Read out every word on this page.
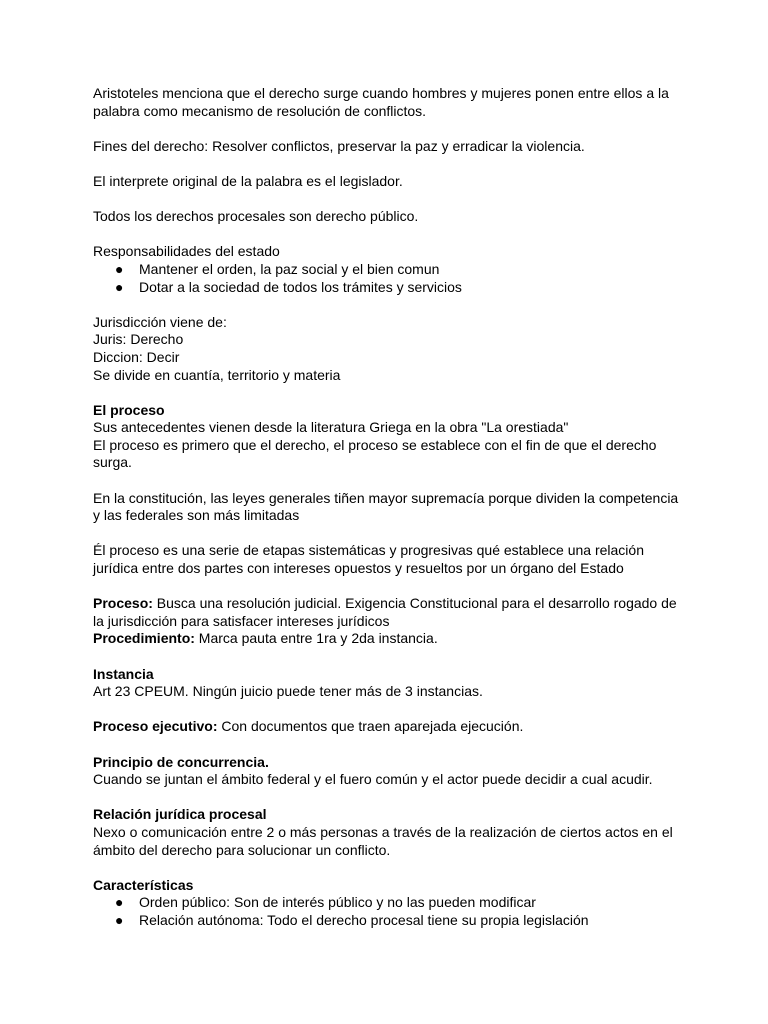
Aristoteles menciona que el derecho surge cuando hombres y mujeres ponen entre ellos a la palabra como mecanismo de resolución de conflictos.

Fines del derecho: Resolver conflictos, preservar la paz y erradicar la violencia.

El interprete original de la palabra es el legislador.

Todos los derechos procesales son derecho público.

Responsabilidades del estado

● Mantener el orden, la paz social y el bien comun
● Dotar a la sociedad de todos los trámites y servicios

Jurisdicción viene de:

Juris: Derecho

Diccion: Decir

Se divide en cuantía, territorio y materia

El proceso

Sus antecedentes vienen desde la literatura Griega en la obra "La orestiada"

El proceso es primero que el derecho, el proceso se establece con el fin de que el derecho surga.

En la constitución, las leyes generales tiñen mayor supremacía porque dividen la competencia y las federales son más limitadas

Él proceso es una serie de etapas sistemáticas y progresivas qué establece una relación jurídica entre dos partes con intereses opuestos y resueltos por un órgano del Estado

Proceso: Busca una resolución judicial. Exigencia Constitucional para el desarrollo rogado de la jurisdicción para satisfacer intereses jurídicos

Procedimiento: Marca pauta entre 1ra y 2da instancia.

Instancia

Art 23 CPEUM. Ningún juicio puede tener más de 3 instancias.

Proceso ejecutivo: Con documentos que traen aparejada ejecución.

Principio de concurrencia.

Cuando se juntan el ámbito federal y el fuero común y el actor puede decidir a cual acudir.

Relación jurídica procesal

Nexo o comunicación entre 2 o más personas a través de la realización de ciertos actos en el ámbito del derecho para solucionar un conflicto.

Características

● Orden público: Son de interés público y no las pueden modificar
● Relación autónoma: Todo el derecho procesal tiene su propia legislación
